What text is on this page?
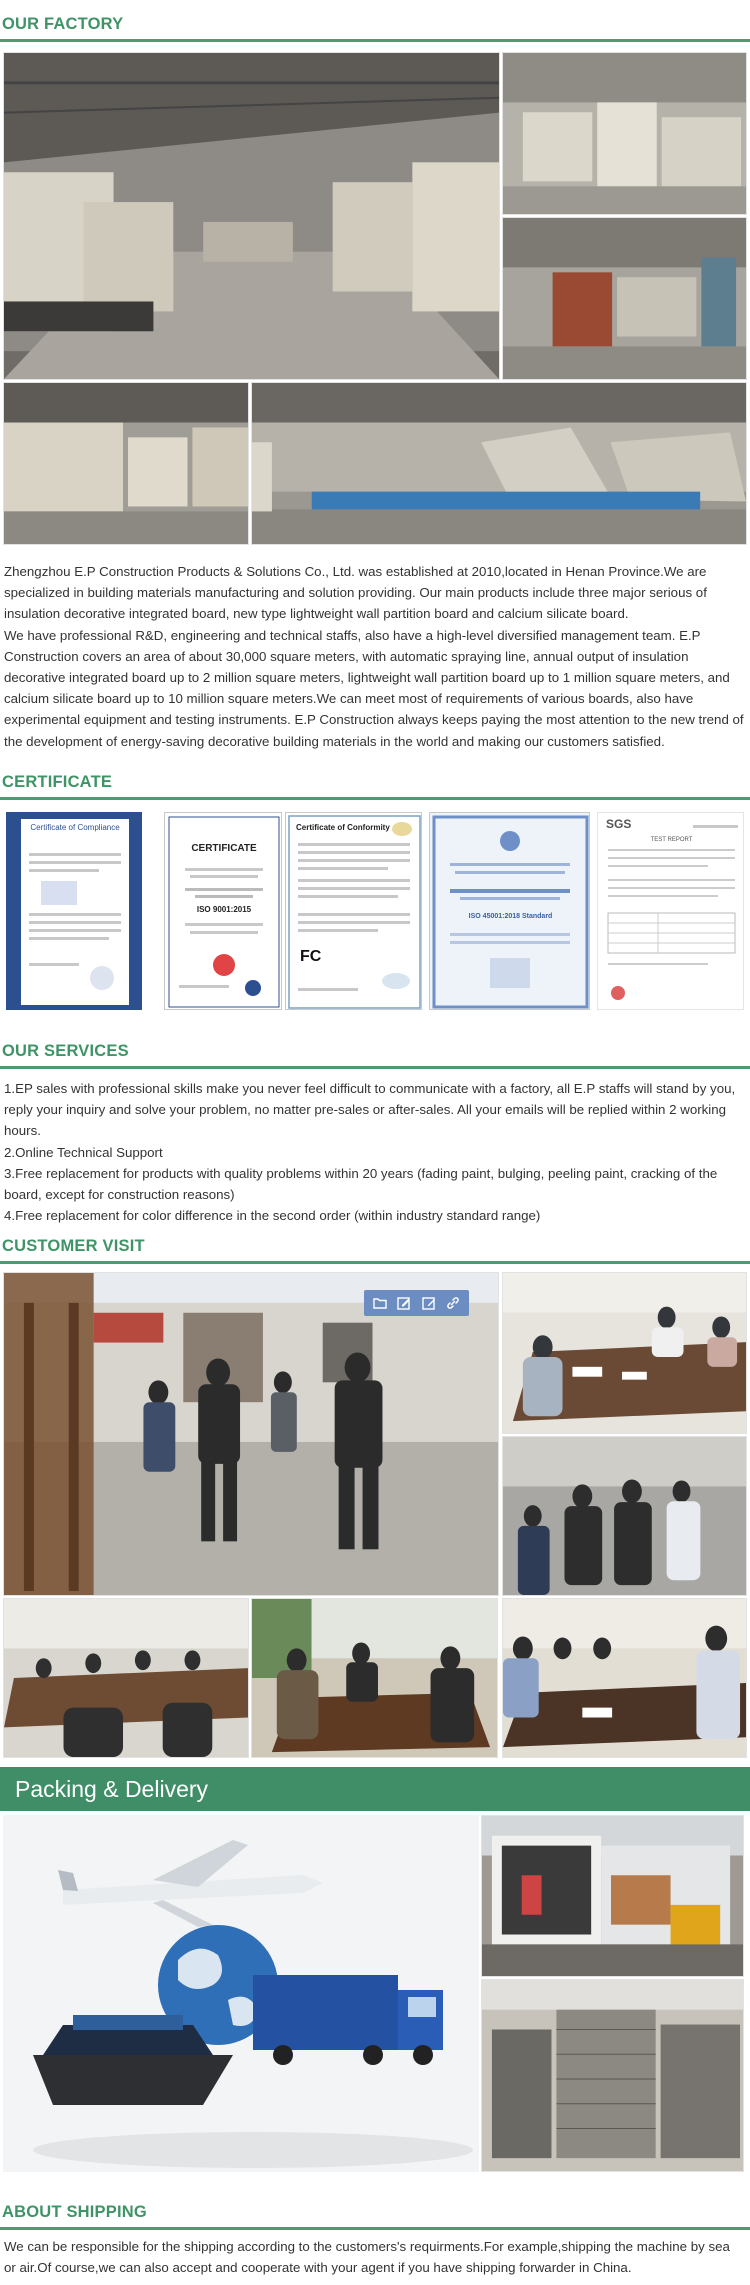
OUR FACTORY

Zhengzhou E.P Construction Products & Solutions Co., Ltd. was established at 2010,located in Henan Province.We are specialized in building materials manufacturing and solution providing. Our main products include three major serious of insulation decorative integrated board, new type lightweight wall partition board and calcium silicate board.

We have professional R&D, engineering and technical staffs, also have a high-level diversified management team. E.P Construction covers an area of about 30,000 square meters, with automatic spraying line, annual output of insulation decorative integrated board up to 2 million square meters, lightweight wall partition board up to 1 million square meters, and calcium silicate board up to 10 million square meters.We can meet most of requirements of various boards, also have experimental equipment and testing instruments. E.P Construction always keeps paying the most attention to the new trend of the development of energy-saving decorative building materials in the world and making our customers satisfied.

CERTIFICATE
Certificate of Compliance
CERTIFICATE
ISO 9001:2015
Certificate of Conformity
FC
ISO 45001:2018 Standard
SGS
TEST REPORT
OUR SERVICES

1.EP sales with professional skills make you never feel difficult to communicate with a factory, all E.P staffs will stand by you, reply your inquiry and solve your problem, no matter pre-sales or after-sales. All your emails will be replied within 2 working hours.

2.Online Technical Support

3.Free replacement for products with quality problems within 20 years (fading paint, bulging, peeling paint, cracking of the board, except for construction reasons)

4.Free replacement for color difference in the second order (within industry standard range)

CUSTOMER VISIT
Packing & Delivery
ABOUT SHIPPING

We can be responsible for the shipping according to the customers's requirments.For example,shipping the machine by sea or air.Of course,we can also accept and cooperate with your agent if you have shipping forwarder in China.
